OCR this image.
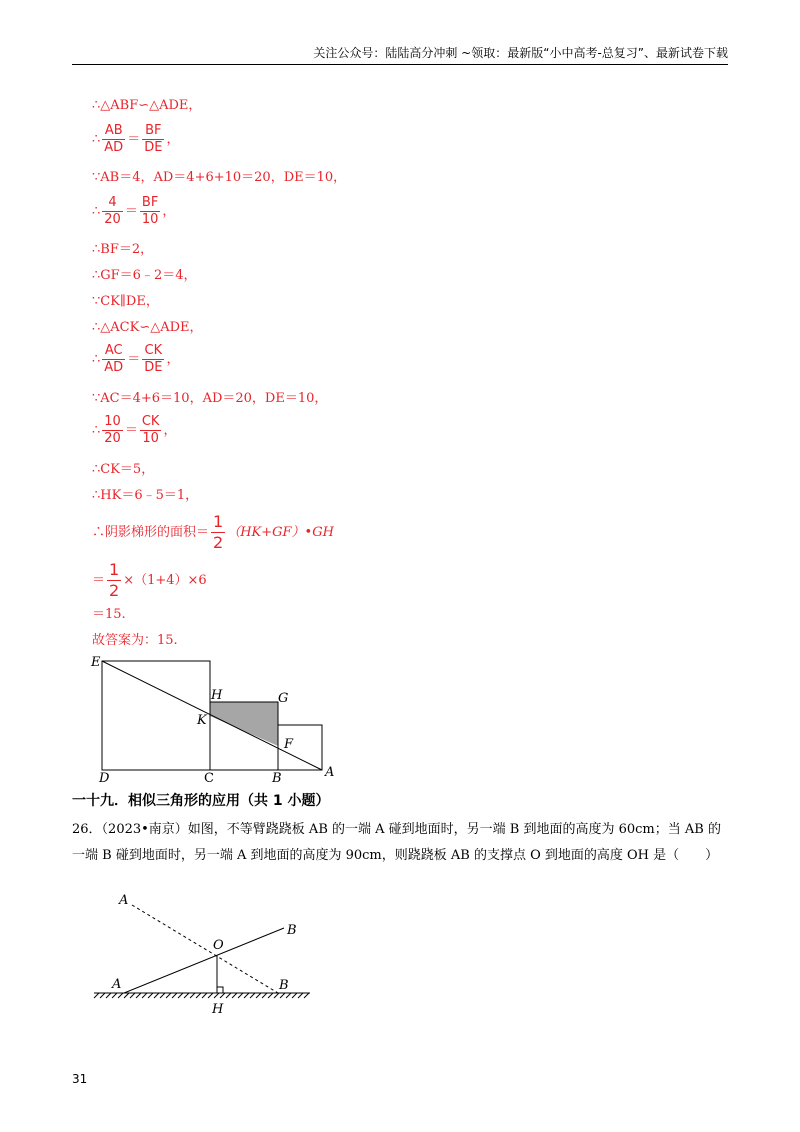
关注公众号：陆陆高分冲刺 ~领取：最新版“小中高考-总复习”、最新试卷下载
∴△ABF∽△ADE，
∴ $\frac{AB}{AD} = \frac{BF}{DE}$ ，
∵AB＝4，AD＝4+6+10＝20，DE＝10，
∴ $\frac{4}{20} = \frac{BF}{10}$ ，
∴BF＝2，
∴GF＝6﹣2＝4，
∵CK∥DE，
∴△ACK∽△ADE，
∴ $\frac{AC}{AD} = \frac{CK}{DE}$ ，
∵AC＝4+6＝10，AD＝20，DE＝10，
∴ $\frac{10}{20} = \frac{CK}{10}$ ，
∴CK＝5，
∴HK＝6﹣5＝1，
∴阴影梯形的面积＝ $\frac{1}{2}$ （HK+GF）•GH
＝ $\frac{1}{2} \times(1+4)\times 6$
＝15.
故答案为：15.
E
H	G
K
F
D	C	B	A
一十九．相似三角形的应用（共 1 小题）
26．（2023•南京）如图，不等臂跷跷板 AB 的一端 A 碰到地面时，另一端 B 到地面的高度为 60cm；当 AB 的一端 B 碰到地面时，另一端 A 到地面的高度为 90cm，则跷跷板 AB 的支撑点 O 到地面的高度 OH 是（　　）
A
B
O
A	B
H
31
